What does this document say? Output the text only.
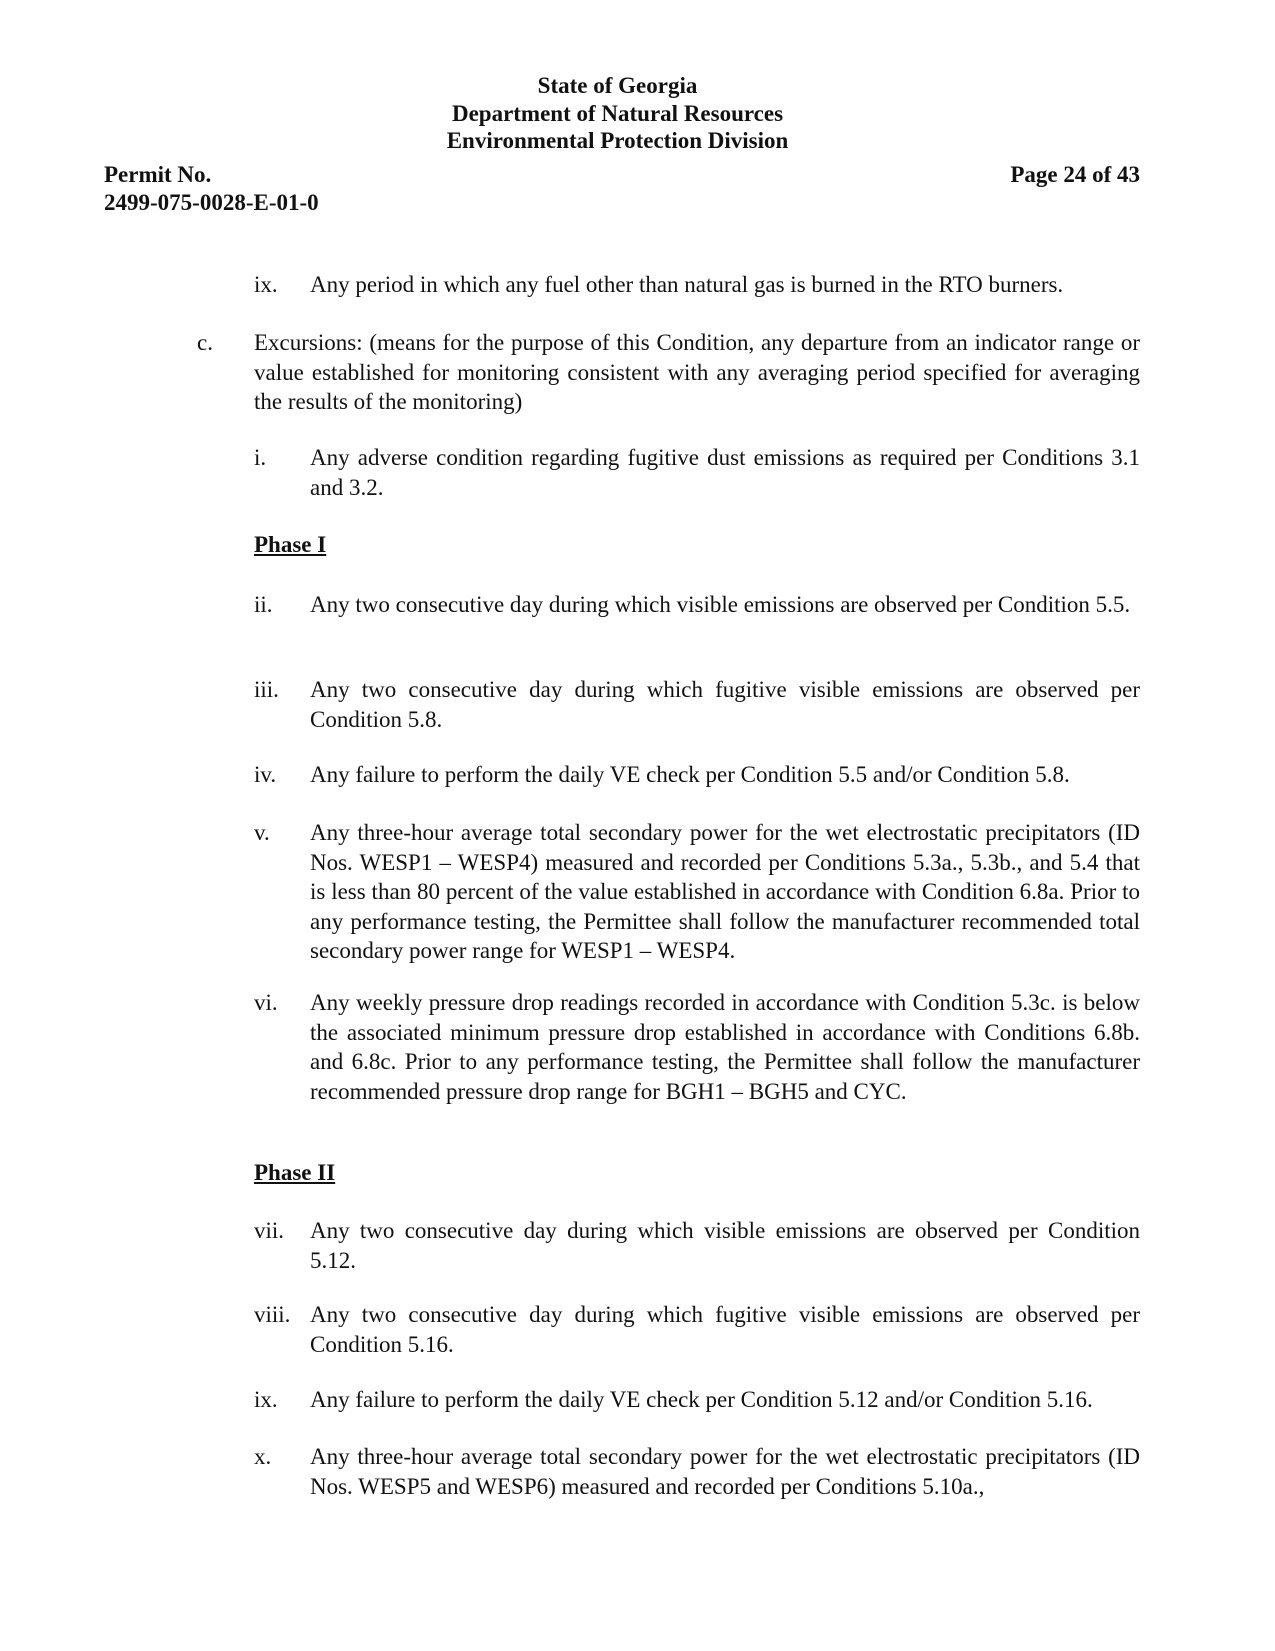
State of Georgia
Department of Natural Resources
Environmental Protection Division
Permit No.
2499-075-0028-E-01-0
Page 24 of 43
ix. Any period in which any fuel other than natural gas is burned in the RTO burners.
c. Excursions: (means for the purpose of this Condition, any departure from an indicator range or value established for monitoring consistent with any averaging period specified for averaging the results of the monitoring)
i. Any adverse condition regarding fugitive dust emissions as required per Conditions 3.1 and 3.2.
Phase I
ii. Any two consecutive day during which visible emissions are observed per Condition 5.5.
iii. Any two consecutive day during which fugitive visible emissions are observed per Condition 5.8.
iv. Any failure to perform the daily VE check per Condition 5.5 and/or Condition 5.8.
v. Any three-hour average total secondary power for the wet electrostatic precipitators (ID Nos. WESP1 – WESP4) measured and recorded per Conditions 5.3a., 5.3b., and 5.4 that is less than 80 percent of the value established in accordance with Condition 6.8a. Prior to any performance testing, the Permittee shall follow the manufacturer recommended total secondary power range for WESP1 – WESP4.
vi. Any weekly pressure drop readings recorded in accordance with Condition 5.3c. is below the associated minimum pressure drop established in accordance with Conditions 6.8b. and 6.8c. Prior to any performance testing, the Permittee shall follow the manufacturer recommended pressure drop range for BGH1 – BGH5 and CYC.
Phase II
vii. Any two consecutive day during which visible emissions are observed per Condition 5.12.
viii. Any two consecutive day during which fugitive visible emissions are observed per Condition 5.16.
ix. Any failure to perform the daily VE check per Condition 5.12 and/or Condition 5.16.
x. Any three-hour average total secondary power for the wet electrostatic precipitators (ID Nos. WESP5 and WESP6) measured and recorded per Conditions 5.10a.,
